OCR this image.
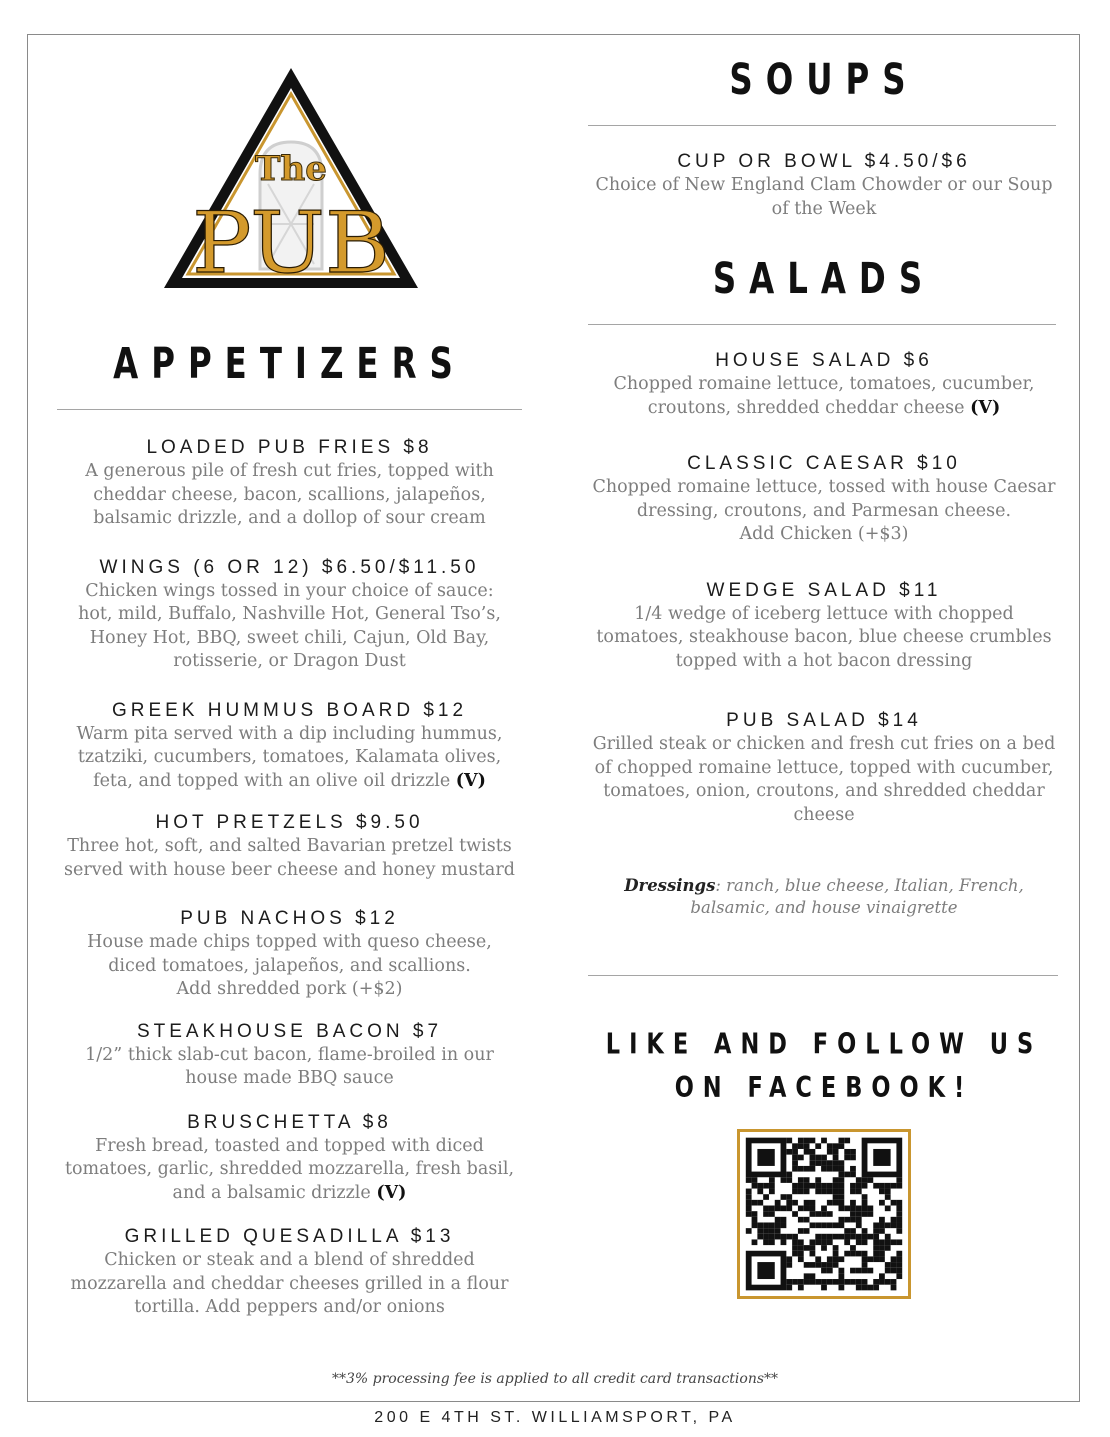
The
PUB
APPETIZERS
LOADED PUB FRIES $8
A generous pile of fresh cut fries, topped with
cheddar cheese, bacon, scallions, jalapeños,
balsamic drizzle, and a dollop of sour cream
WINGS (6 OR 12) $6.50/$11.50
Chicken wings tossed in your choice of sauce:
hot, mild, Buffalo, Nashville Hot, General Tso’s,
Honey Hot, BBQ, sweet chili, Cajun, Old Bay,
rotisserie, or Dragon Dust
GREEK HUMMUS BOARD $12
Warm pita served with a dip including hummus,
tzatziki, cucumbers, tomatoes, Kalamata olives,
feta, and topped with an olive oil drizzle (V)
HOT PRETZELS $9.50
Three hot, soft, and salted Bavarian pretzel twists
served with house beer cheese and honey mustard
PUB NACHOS $12
House made chips topped with queso cheese,
diced tomatoes, jalapeños, and scallions.
Add shredded pork (+$2)
STEAKHOUSE BACON $7
1/2” thick slab-cut bacon, flame-broiled in our
house made BBQ sauce
BRUSCHETTA $8
Fresh bread, toasted and topped with diced
tomatoes, garlic, shredded mozzarella, fresh basil,
and a balsamic drizzle (V)
GRILLED QUESADILLA $13
Chicken or steak and a blend of shredded
mozzarella and cheddar cheeses grilled in a flour
tortilla. Add peppers and/or onions
SOUPS
CUP OR BOWL $4.50/$6
Choice of New England Clam Chowder or our Soup
of the Week
SALADS
HOUSE SALAD $6
Chopped romaine lettuce, tomatoes, cucumber,
croutons, shredded cheddar cheese (V)
CLASSIC CAESAR $10
Chopped romaine lettuce, tossed with house Caesar
dressing, croutons, and Parmesan cheese.
Add Chicken (+$3)
WEDGE SALAD $11
1/4 wedge of iceberg lettuce with chopped
tomatoes, steakhouse bacon, blue cheese crumbles
topped with a hot bacon dressing
PUB SALAD $14
Grilled steak or chicken and fresh cut fries on a bed
of chopped romaine lettuce, topped with cucumber,
tomatoes, onion, croutons, and shredded cheddar
cheese
Dressings: ranch, blue cheese, Italian, French,
balsamic, and house vinaigrette
LIKE AND FOLLOW US
ON FACEBOOK!
**3% processing fee is applied to all credit card transactions**
200 E 4TH ST. WILLIAMSPORT, PA
